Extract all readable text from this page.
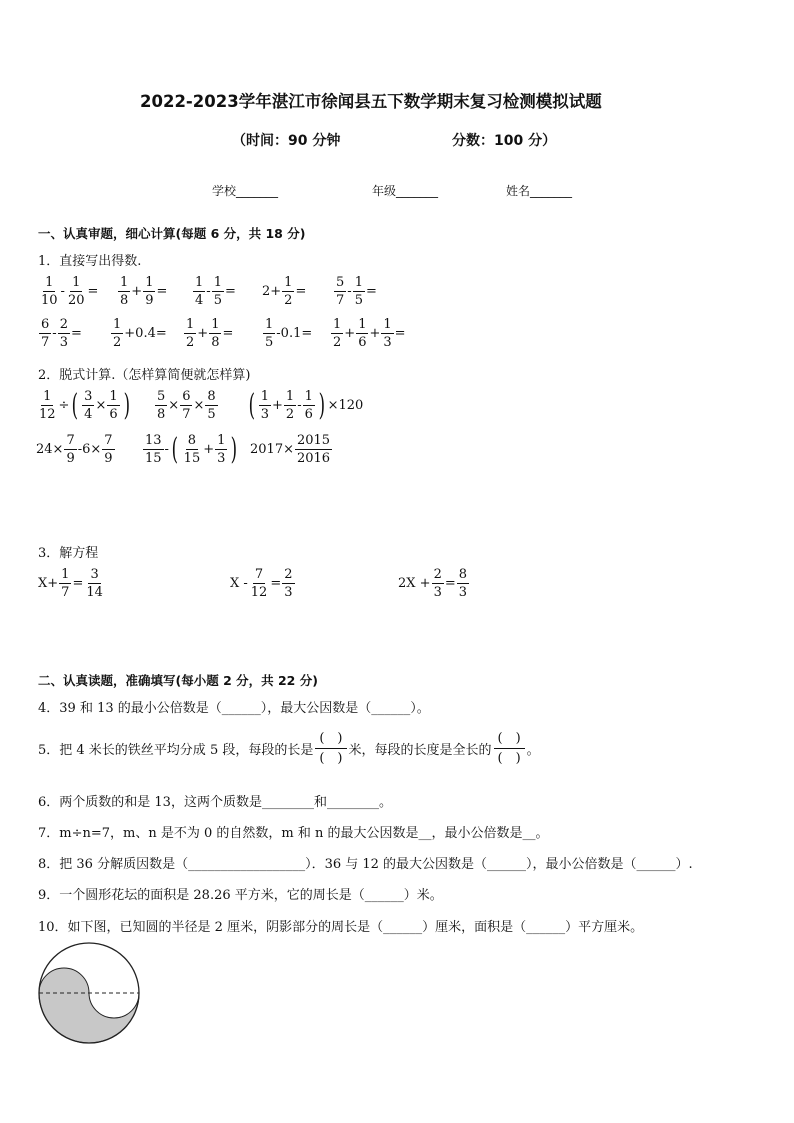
2022-2023学年湛江市徐闻县五下数学期末复习检测模拟试题
（时间：90 分钟	分数：100 分）
学校_______	年级_______	姓名_______
一、认真审题，细心计算(每题 6 分，共 18 分)
1．直接写出得数.
1
10
- $\frac{1}{20}$ =
1
8
+ $\frac{1}{9}$ =
1
4
- $\frac{1}{5} = 2+ \frac{1}{2}$ =
5
7
- $\frac{1}{5}$ =
6
7
- $\frac{2}{3}$ =
1
2
+0.4=
1
2
+ $\frac{1}{8}$ =
1
5
-0.1=
1
2
+ $\frac{1}{6} + \frac{1}{3}$ =
2．脱式计算.（怎样算简便就怎样算)
$\frac{1}{12}$ ÷ ( $\frac{3}{4} \times \frac{1}{6}$ ) $\frac{5}{8} \times \frac{6}{7} \times \frac{8}{5}$ ( 1
3
+ $\frac{1}{2}$ -
1
6 ) ×120
$24\times \frac{7}{9} -6\times \frac{7}{9} 13$
15
- ( 8
15
+ $\frac{1}{3}$ ) $2017\times \frac{2015}{2016}$
3．解方程
$X+ \frac{1}{7} = \frac{3}{14}$	$X - \frac{7}{12} = \frac{2}{3}$	$2X + \frac{2}{3} = \frac{8}{3}$
二、认真读题，准确填写(每小题 2 分，共 22 分)
4．39 和 13 的最小公倍数是（______），最大公因数是（______）。
5．把 4 米长的铁丝平均分成 5 段，每段的长是
(　)
(　)
米，每段的长度是全长的
(　)
(　)
。
6．两个质数的和是 13，这两个质数是________和________。
7．m÷n=7，m、n 是不为 0 的自然数，m 和 n 的最大公因数是__，最小公倍数是__。
8．把 36 分解质因数是（__________________）．36 与 12 的最大公因数是（______），最小公倍数是（______）.
9．一个圆形花坛的面积是 28.26 平方米，它的周长是（______）米。
10．如下图，已知圆的半径是 2 厘米，阴影部分的周长是（______）厘米，面积是（______）平方厘米。
